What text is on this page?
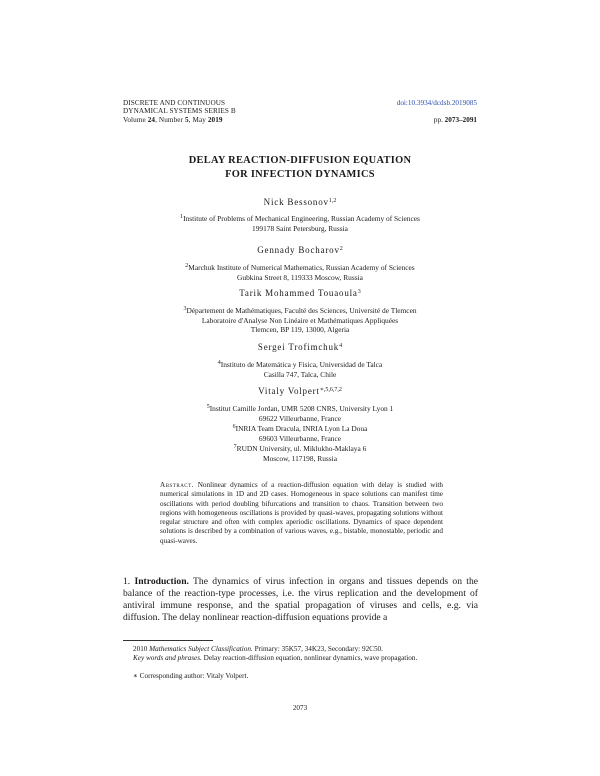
DISCRETE AND CONTINUOUS
DYNAMICAL SYSTEMS SERIES B
Volume 24, Number 5, May 2019
doi:10.3934/dcdsb.2019085
pp. 2073–2091
DELAY REACTION-DIFFUSION EQUATION
FOR INFECTION DYNAMICS
Nick Bessonov$^{1,2}$
$^1$Institute of Problems of Mechanical Engineering, Russian Academy of Sciences
199178 Saint Petersburg, Russia
Gennady Bocharov$^2$
$^2$Marchuk Institute of Numerical Mathematics, Russian Academy of Sciences
Gubkina Street 8, 119333 Moscow, Russia
Tarik Mohammed Touaoula$^3$
$^3$Département de Mathématiques, Faculté des Sciences, Université de Tlemcen
Laboratoire d'Analyse Non Linéaire et Mathématiques Appliquées
Tlemcen, BP 119, 13000, Algeria
Sergei Trofimchuk$^4$
$^4$Instituto de Matemática y Fisica, Universidad de Talca
Casilla 747, Talca, Chile
Vitaly Volpert$^{∗,5,6,7,2}$
$^5$Institut Camille Jordan, UMR 5208 CNRS, University Lyon 1
69622 Villeurbanne, France
$^6$INRIA Team Dracula, INRIA Lyon La Doua
69603 Villeurbanne, France
$^7$RUDN University, ul. Miklukho-Maklaya 6
Moscow, 117198, Russia
Abstract. Nonlinear dynamics of a reaction-diffusion equation with delay is studied with numerical simulations in 1D and 2D cases. Homogeneous in space solutions can manifest time oscillations with period doubling bifurcations and transition to chaos. Transition between two regions with homogeneous oscillations is provided by quasi-waves, propagating solutions without regular structure and often with complex aperiodic oscillations. Dynamics of space dependent solutions is described by a combination of various waves, e.g., bistable, monostable, periodic and quasi-waves.
1. Introduction. The dynamics of virus infection in organs and tissues depends on the balance of the reaction-type processes, i.e. the virus replication and the development of antiviral immune response, and the spatial propagation of viruses and cells, e.g. via diffusion. The delay nonlinear reaction-diffusion equations provide a
2010 Mathematics Subject Classification. Primary: 35K57, 34K23, Secondary: 92C50.
Key words and phrases. Delay reaction-diffusion equation, nonlinear dynamics, wave propagation.
∗ Corresponding author: Vitaly Volpert.
2073
